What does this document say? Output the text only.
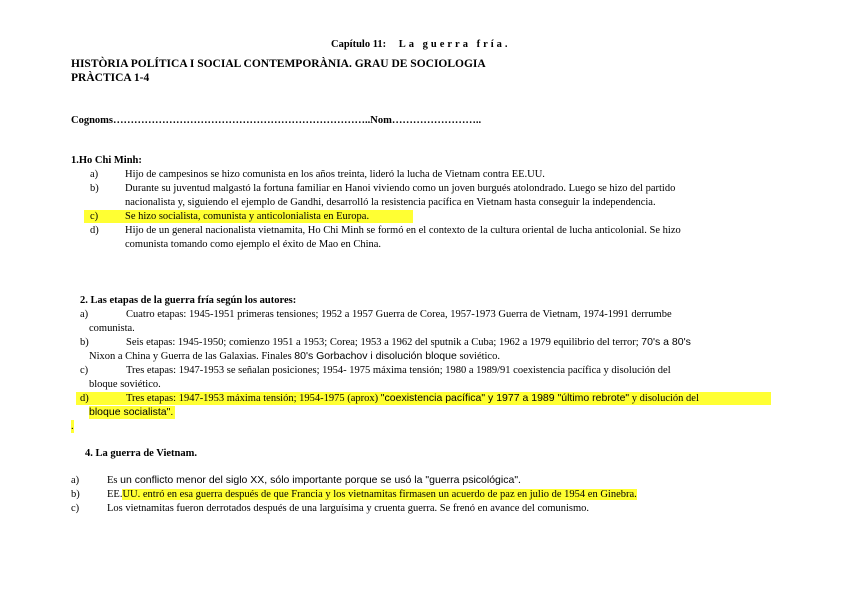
Capítulo 11: La guerra fría.
HISTÒRIA POLÍTICA I SOCIAL CONTEMPORÀNIA. GRAU DE SOCIOLOGIA
PRÀCTICA 1-4
Cognoms………………………………………………………………..Nom……………………..
1.Ho Chi Minh:
a)	Hijo de campesinos se hizo comunista en los años treinta, lideró la lucha de Vietnam contra EE.UU.
b)	Durante su juventud malgastó la fortuna familiar en Hanoi viviendo como un joven burgués atolondrado. Luego se hizo del partido
nacionalista y, siguiendo el ejemplo de Gandhi, desarrolló la resistencia pacífica en Vietnam hasta conseguir la independencia.
c)	Se hizo socialista, comunista y anticolonialista en Europa.
d)	Hijo de un general nacionalista vietnamita, Ho Chi Minh se formó en el contexto de la cultura oriental de lucha anticolonial. Se hizo
comunista tomando como ejemplo el éxito de Mao en China.
2. Las etapas de la guerra fría según los autores:
a)	Cuatro etapas: 1945-1951 primeras tensiones; 1952 a 1957 Guerra de Corea, 1957-1973 Guerra de Vietnam, 1974-1991 derrumbe
comunista.
b)	Seis etapas: 1945-1950; comienzo 1951 a 1953; Corea; 1953 a 1962 del sputnik a Cuba; 1962 a 1979 equilibrio del terror; 70's a 80's
Nixon a China y Guerra de las Galaxias. Finales 80's Gorbachov i disolución bloque soviético.
c)	Tres etapas: 1947-1953 se señalan posiciones; 1954- 1975 máxima tensión; 1980 a 1989/91 coexistencia pacífica y disolución del
bloque soviético.
d)	Tres etapas: 1947-1953 máxima tensión; 1954-1975 (aprox) "coexistencia pacífica" y 1977 a 1989 "último rebrote" y disolución del
bloque socialista".
.
4. La guerra de Vietnam.
a)	Es un conflicto menor del siglo XX, sólo importante porque se usó la "guerra psicológica".
b)	EE.UU. entró en esa guerra después de que Francia y los vietnamitas firmasen un acuerdo de paz en julio de 1954 en Ginebra.
c)	Los vietnamitas fueron derrotados después de una larguísima y cruenta guerra. Se frenó en avance del comunismo.
